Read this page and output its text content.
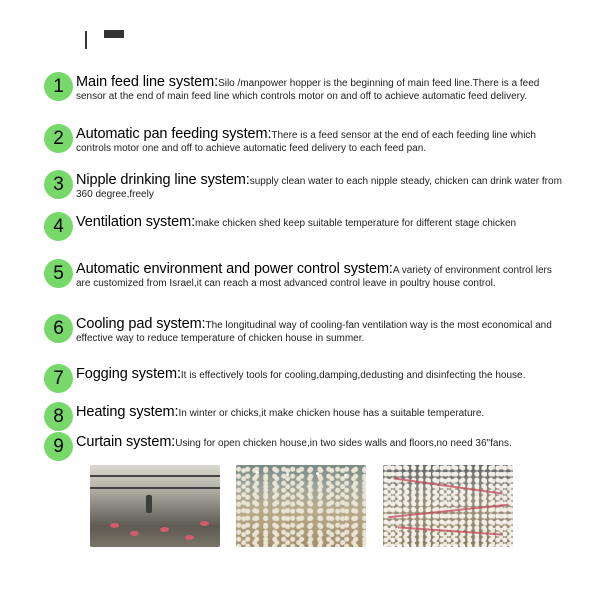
1 Main feed line system:Silo /manpower hopper is the beginning of main feed line.There is a feed sensor at the end of main feed line which controls motor on and off to achieve automatic feed delivery.
2 Automatic pan feeding system:There is a feed sensor at the end of each feeding line which controls motor one and off to achieve automatic feed delivery to each feed pan.
3 Nipple drinking line system:supply clean water to each nipple steady, chicken can drink water from 360 degree,freely
4 Ventilation system:make chicken shed keep suitable temperature for different stage chicken
5 Automatic environment and power control system:A variety of environment control lers are customized from Israel,it can reach a most advanced control leave in poultry house control.
6 Cooling pad system:The longitudinal way of cooling-fan ventilation way is the most economical and effective way to reduce temperature of chicken house in summer.
7 Fogging system:It is effectively tools for cooling,damping,dedusting and disinfecting the house.
8 Heating system:In winter or chicks,it make chicken house has a suitable temperature.
9 Curtain system:Using for open chicken house,in two sides walls and floors,no need 36"fans.
